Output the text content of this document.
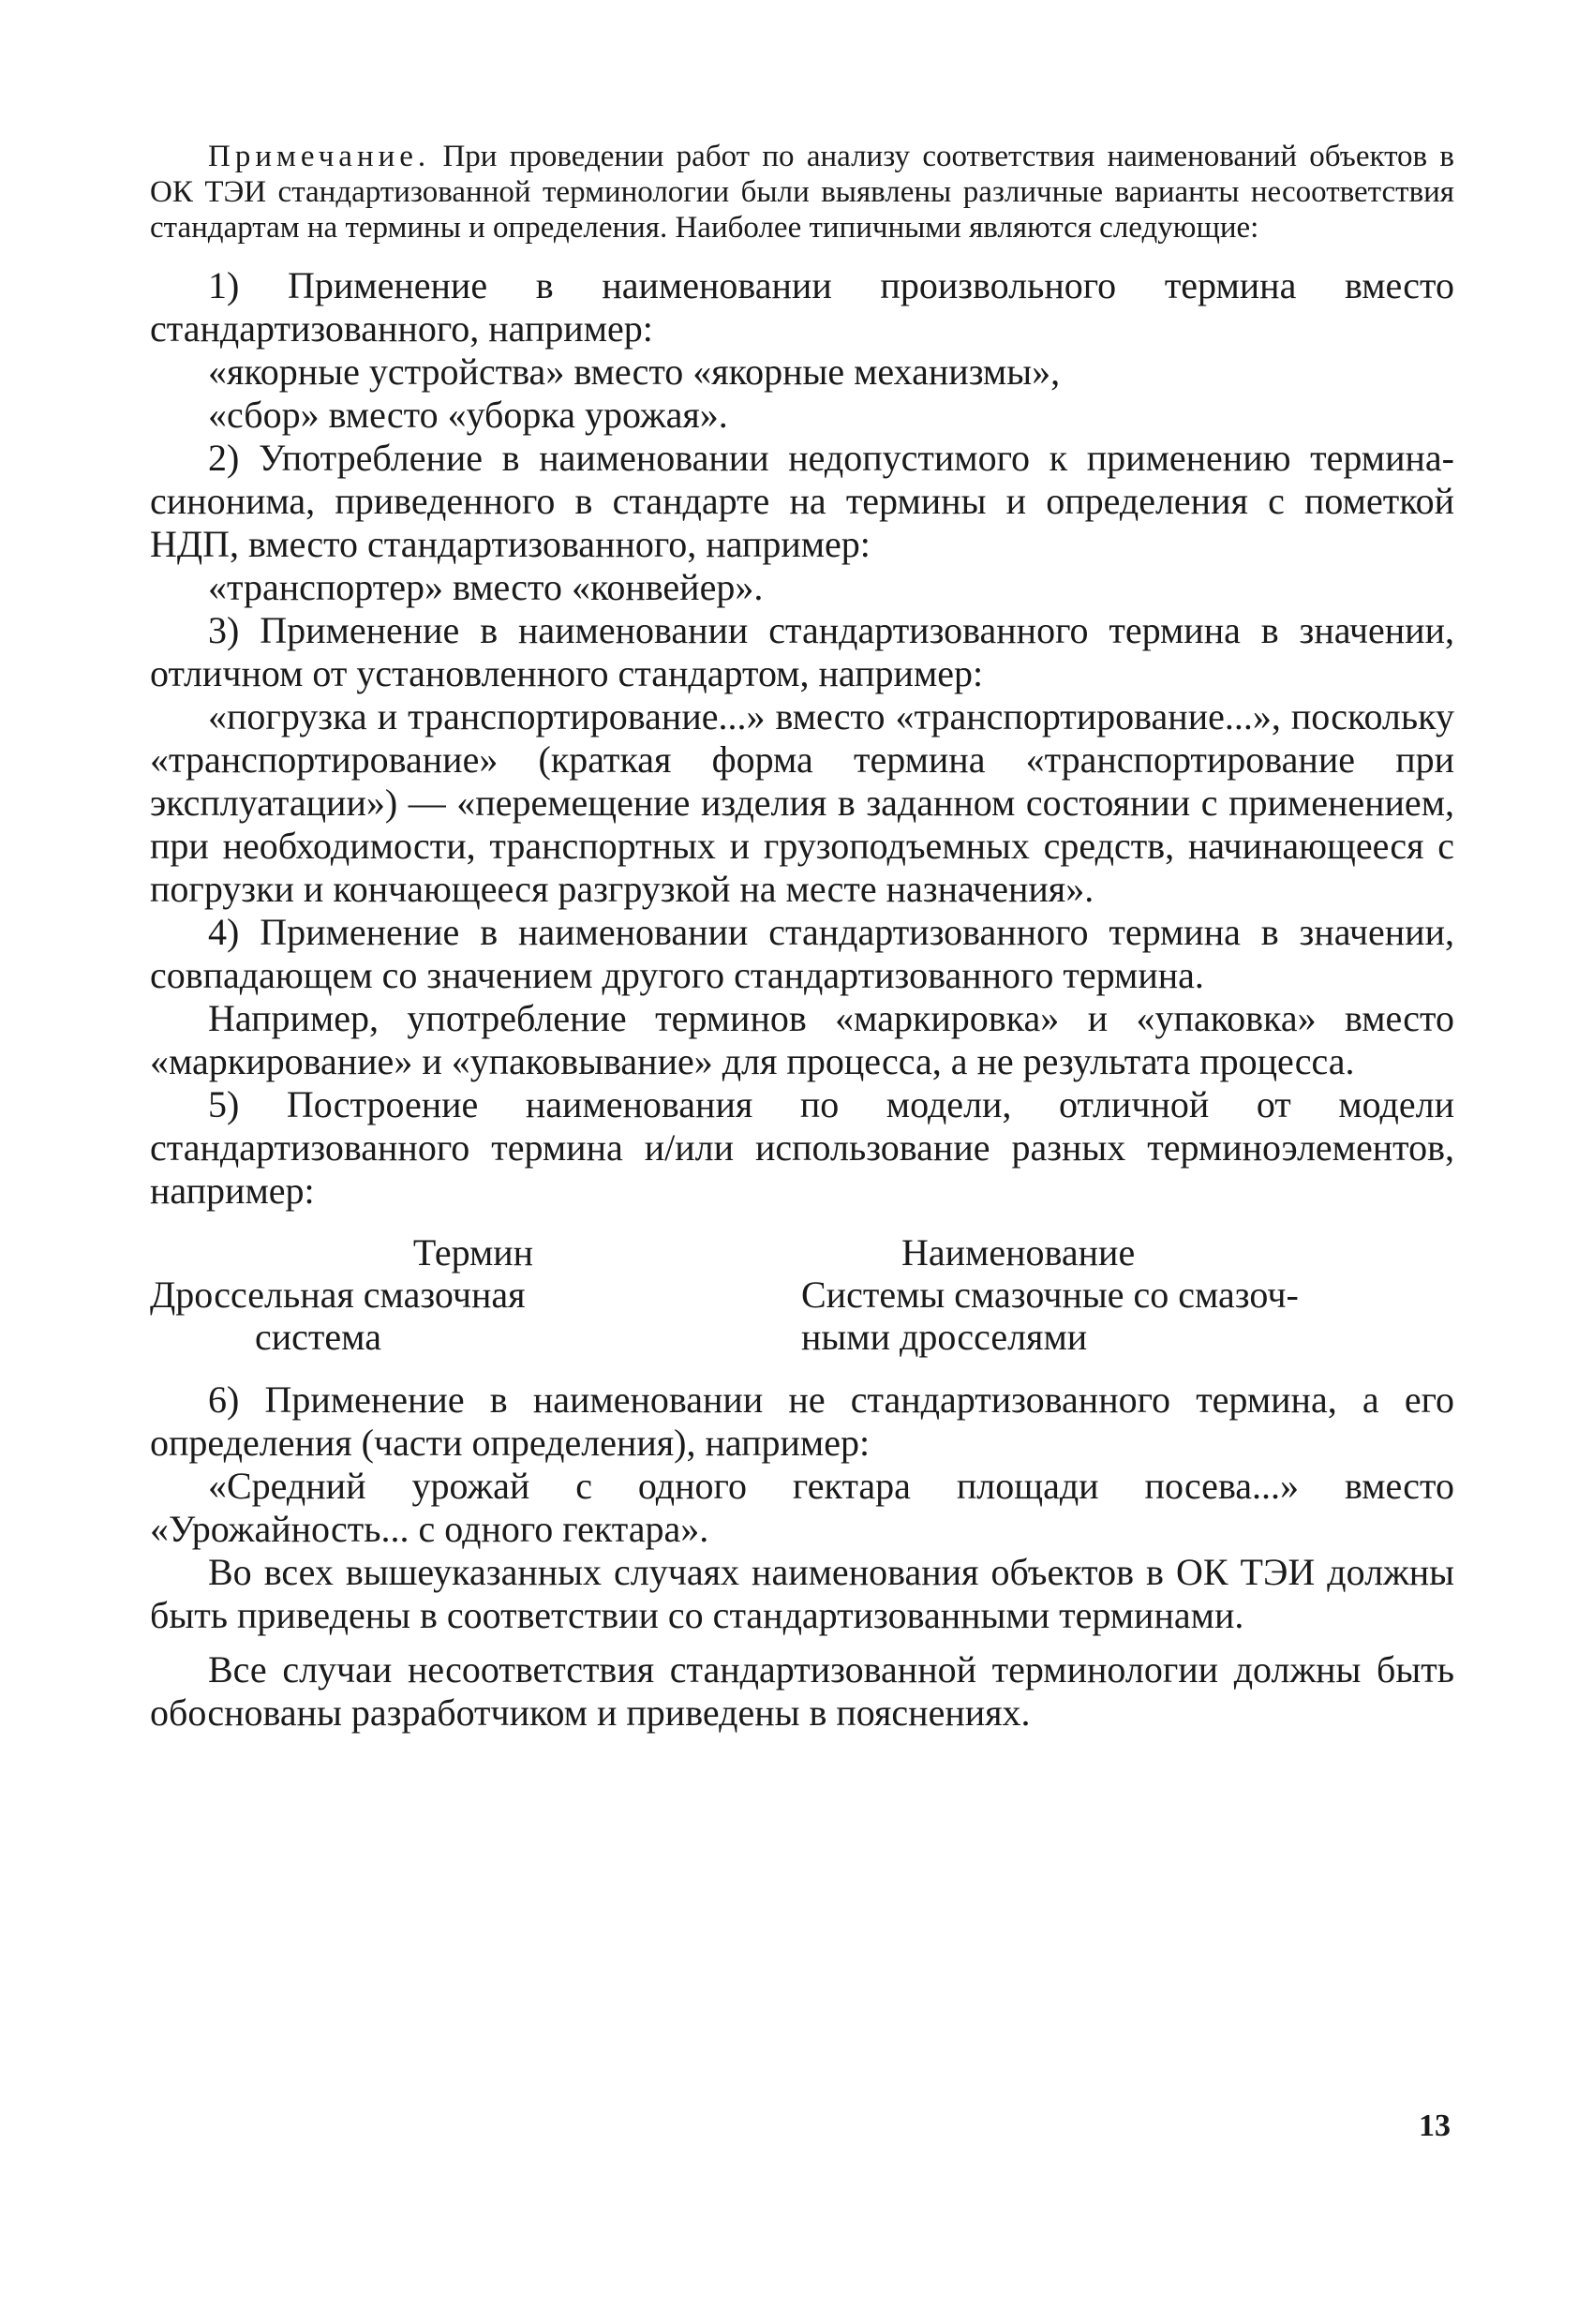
Примечание. При проведении работ по анализу соответствия наименований объектов в ОК ТЭИ стандартизованной терминологии были выявлены различные варианты несоответствия стандартам на термины и определения. Наиболее типичными являются следующие:

1) Применение в наименовании произвольного термина вместо стандартизованного, например:

«якорные устройства» вместо «якорные механизмы»,

«сбор» вместо «уборка урожая».

2) Употребление в наименовании недопустимого к применению термина-синонима, приведенного в стандарте на термины и определения с пометкой НДП, вместо стандартизованного, например:

«транспортер» вместо «конвейер».

3) Применение в наименовании стандартизованного термина в значении, отличном от установленного стандартом, например:

«погрузка и транспортирование...» вместо «транспортирование...», поскольку «транспортирование» (краткая форма термина «транспортирование при эксплуатации») — «перемещение изделия в заданном состоянии с применением, при необходимости, транспортных и грузоподъемных средств, начинающееся с погрузки и кончающееся разгрузкой на месте назначения».

4) Применение в наименовании стандартизованного термина в значении, совпадающем со значением другого стандартизованного термина.

Например, употребление терминов «маркировка» и «упаковка» вместо «маркирование» и «упаковывание» для процесса, а не результата процесса.

5) Построение наименования по модели, отличной от модели стандартизованного термина и/или использование разных терминоэлементов, например:

Термин	Наименование
Дроссельная смазочная
система
Системы смазочные со смазоч-
ными дросселями

6) Применение в наименовании не стандартизованного термина, а его определения (части определения), например:

«Средний урожай с одного гектара площади посева...» вместо «Урожайность... с одного гектара».

Во всех вышеуказанных случаях наименования объектов в ОК ТЭИ должны быть приведены в соответствии со стандартизованными терминами.

Все случаи несоответствия стандартизованной терминологии должны быть обоснованы разработчиком и приведены в пояснениях.

13
